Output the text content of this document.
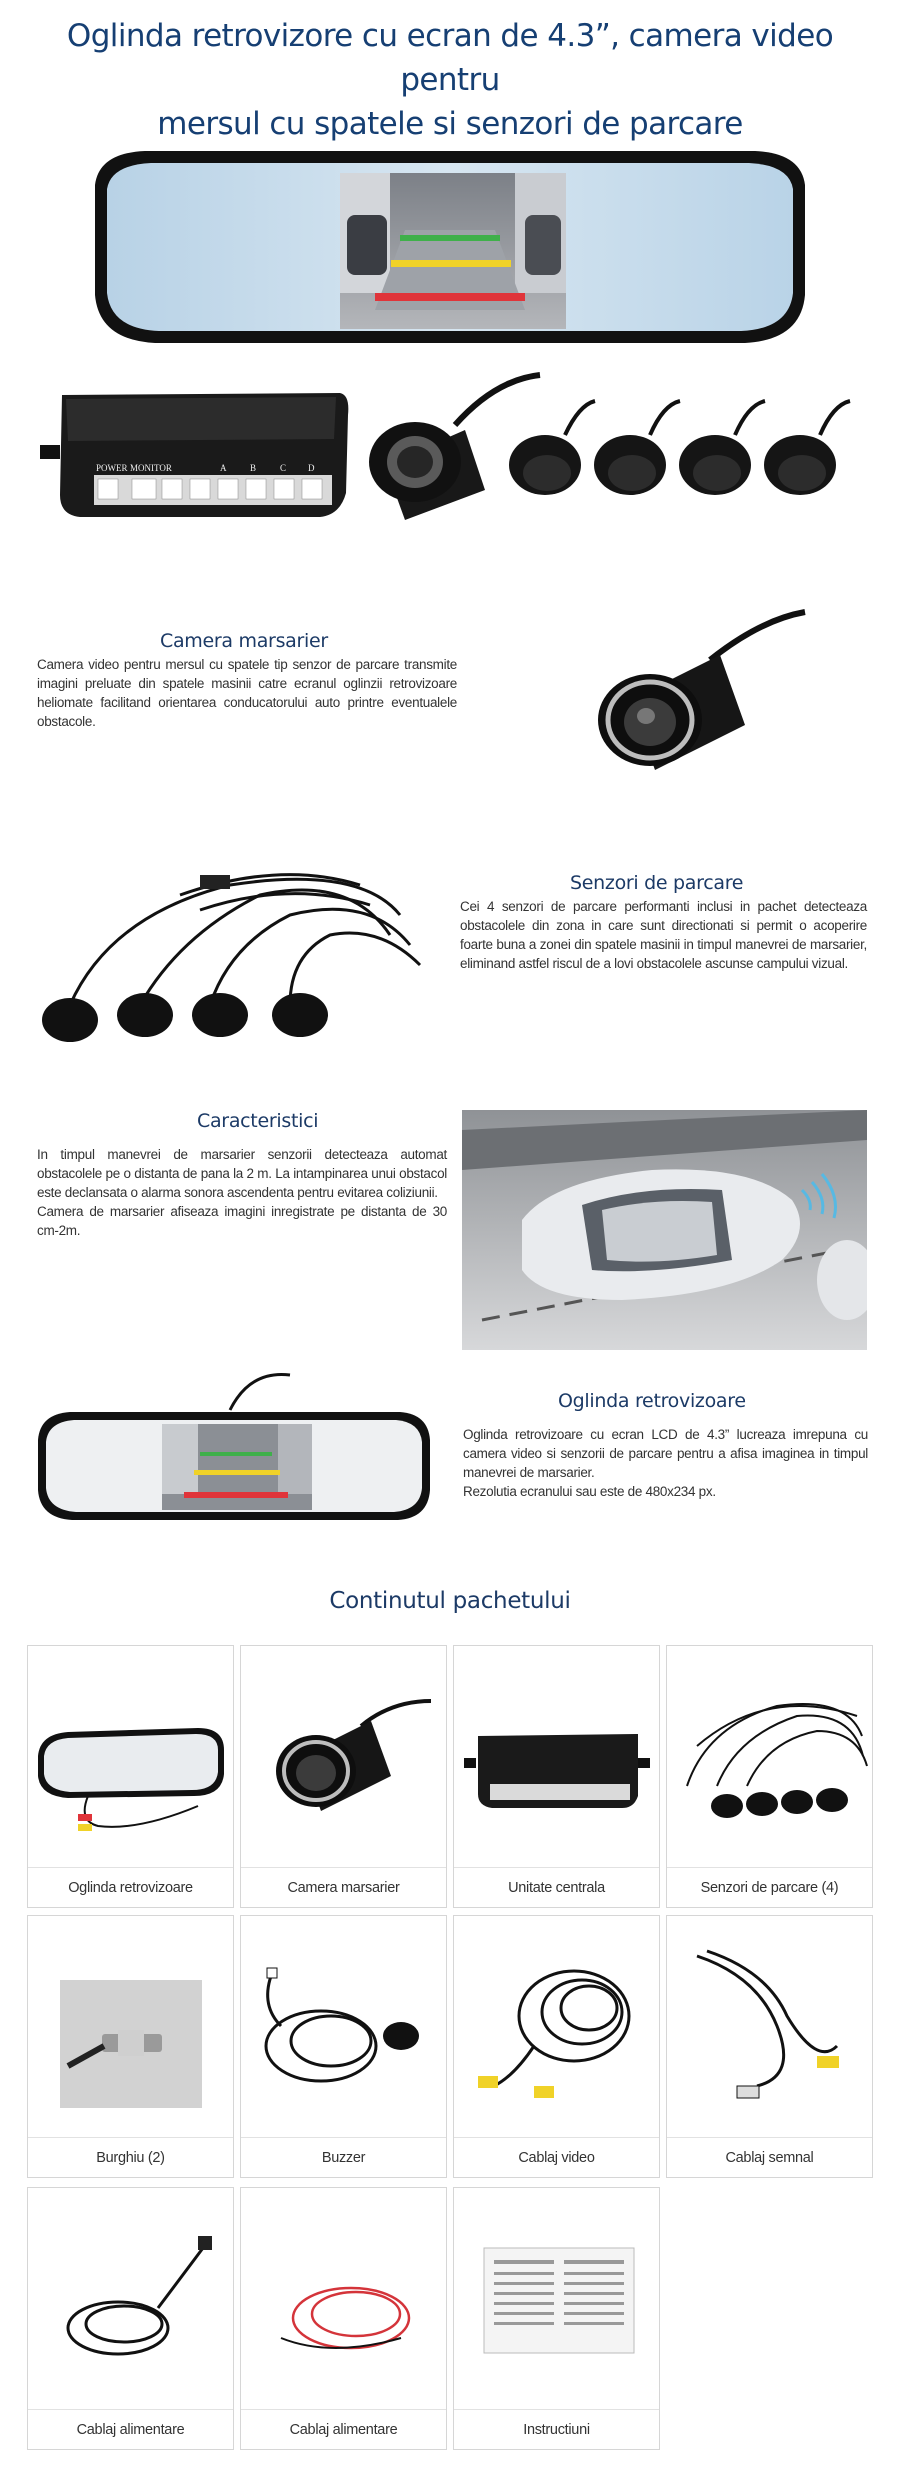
Oglinda retrovizore cu ecran de 4.3”, camera video pentru
mersul cu spatele si senzori de parcare
POWER MONITOR	A	B	C D
Camera marsarier
Camera video pentru mersul cu spatele tip senzor de parcare transmite imagini preluate din spatele masinii catre ecranul oglinzii retrovizoare heliomate facilitand orientarea conducatorului auto printre eventualele obstacole.
Senzori de parcare
Cei 4 senzori de parcare performanti inclusi in pachet detecteaza obstacolele din zona in care sunt directionati si permit o acoperire foarte buna a zonei din spatele masinii in timpul manevrei de marsarier, eliminand astfel riscul de a lovi obstacolele ascunse campului vizual.
Caracteristici
In timpul manevrei de marsarier senzorii detecteaza automat obstacolele pe o distanta de pana la 2 m. La intampinarea unui obstacol este declansata o alarma sonora ascendenta pentru evitarea coliziunii.
Camera de marsarier afiseaza imagini inregistrate pe distanta de 30 cm-2m.
Oglinda retrovizoare
Oglinda retrovizoare cu ecran LCD de 4.3” lucreaza imrepuna cu camera video si senzorii de parcare pentru a afisa imaginea in timpul manevrei de marsarier.
Rezolutia ecranului sau este de 480x234 px.
Continutul pachetului
Oglinda retrovizoare	Camera marsarier	Unitate centrala	Senzori de parcare (4)
Burghiu (2)	Buzzer	Cablaj video	Cablaj semnal
Cablaj alimentare	Cablaj alimentare	Instructiuni
